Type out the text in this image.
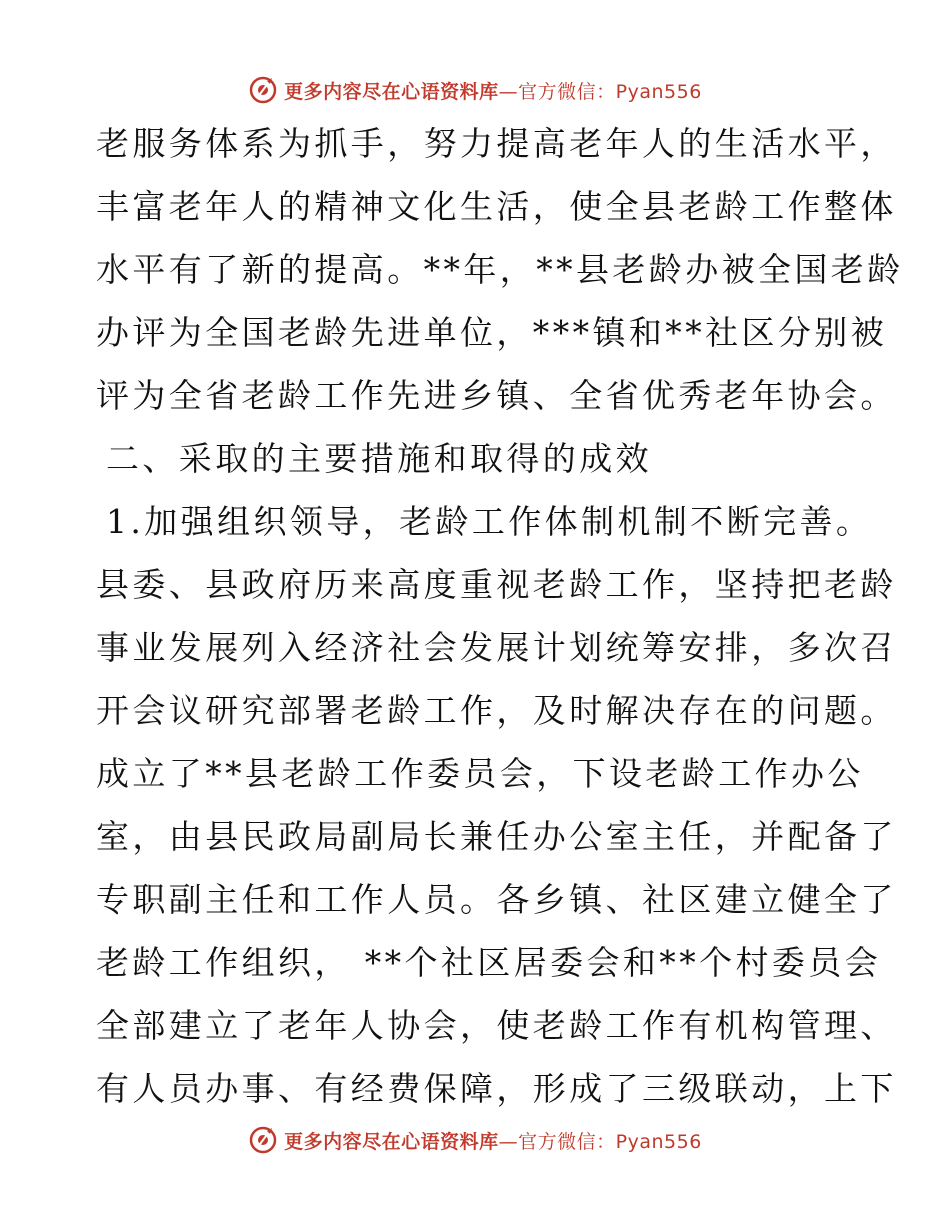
更多内容尽在心语资料库—官方微信：Pyan556
老服务体系为抓手，努力提高老年人的生活水平，
丰富老年人的精神文化生活，使全县老龄工作整体
水平有了新的提高。**年，**县老龄办被全国老龄
办评为全国老龄先进单位，***镇和**社区分别被
评为全省老龄工作先进乡镇、全省优秀老年协会。
二、采取的主要措施和取得的成效
1.加强组织领导，老龄工作体制机制不断完善。
县委、县政府历来高度重视老龄工作，坚持把老龄
事业发展列入经济社会发展计划统筹安排，多次召
开会议研究部署老龄工作，及时解决存在的问题。
成立了**县老龄工作委员会，下设老龄工作办公
室，由县民政局副局长兼任办公室主任，并配备了
专职副主任和工作人员。各乡镇、社区建立健全了
老龄工作组织， **个社区居委会和**个村委员会
全部建立了老年人协会，使老龄工作有机构管理、
有人员办事、有经费保障，形成了三级联动，上下
更多内容尽在心语资料库—官方微信：Pyan556
